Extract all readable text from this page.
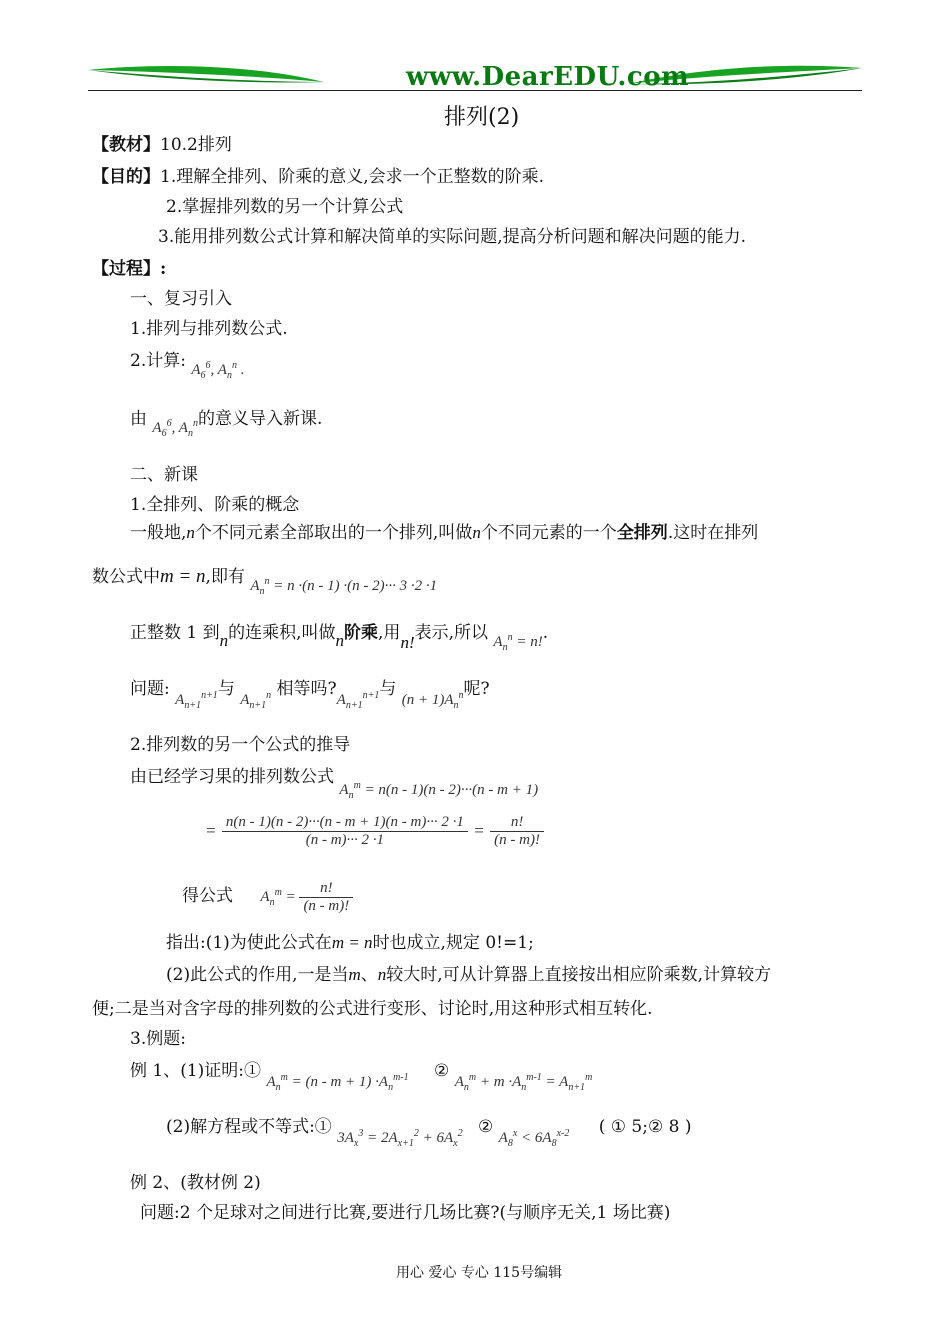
www.DearEDU.com
排列(2)
【教材】10.2排列
【目的】1.理解全排列、阶乘的意义,会求一个正整数的阶乘.
2.掌握排列数的另一个计算公式
3.能用排列数公式计算和解决简单的实际问题,提高分析问题和解决问题的能力.
【过程】:
一、复习引入
1.排列与排列数公式.
2.计算: $A_6^6$, $A_n^n$ .
由 $A_6^6$, $A_n^n$的意义导入新课.
二、新课
1.全排列、阶乘的概念
一般地,n个不同元素全部取出的一个排列,叫做n个不同元素的一个全排列.这时在排列
数公式中m = n,即有 $A_n^n = n \cdot(n - 1) \cdot(n - 2)\cdot\cdot\cdot 3 \cdot 2 \cdot 1$
正整数 1 到n的连乘积,叫做n阶乘,用n!表示,所以 $A_n^n = n$!.
问题: $A_{n+1}^{n+1}$与 $A_{n+1}^n$ 相等吗$?A_{n+1}^{n+1}$与 $(n + 1)A_n^n$呢?
2.排列数的另一个公式的推导
由已经学习果的排列数公式 $A_n^m = n(n - 1)(n - 2)\cdot\cdot\cdot(n - m + 1)$
= $\frac{n(n - 1)(n - 2)\cdot\cdot\cdot(n - m + 1)(n - m)\cdot\cdot\cdot 2 \cdot 1}{(n - m)\cdot\cdot\cdot 2 \cdot 1} = \frac{n!}{(n - m)!}$
得公式 $A_n^m = \frac{n!}{(n - m)!}$
指出:(1)为使此公式在m = n时也成立,规定 0!=1;
(2)此公式的作用,一是当m、n较大时,可从计算器上直接按出相应阶乘数,计算较方
便;二是当对含字母的排列数的公式进行变形、讨论时,用这种形式相互转化.
3.例题:
例 1、(1)证明:① $A_n^m = (n - m + 1) \cdot A_n^{m-1}$ ② $A_n^m + m \cdot A_n^{m-1} = A_{n+1}^m$
(2)解方程或不等式:① $3A_x^3 = 2A_{x+1}^2 + 6A_x^2$ ② $A_8^x < 6A_8^{x-2}$ ( ① 5;② 8 )
例 2、(教材例 2)
问题:2 个足球对之间进行比赛,要进行几场比赛?(与顺序无关,1 场比赛)
用心 爱心 专心 115号编辑
